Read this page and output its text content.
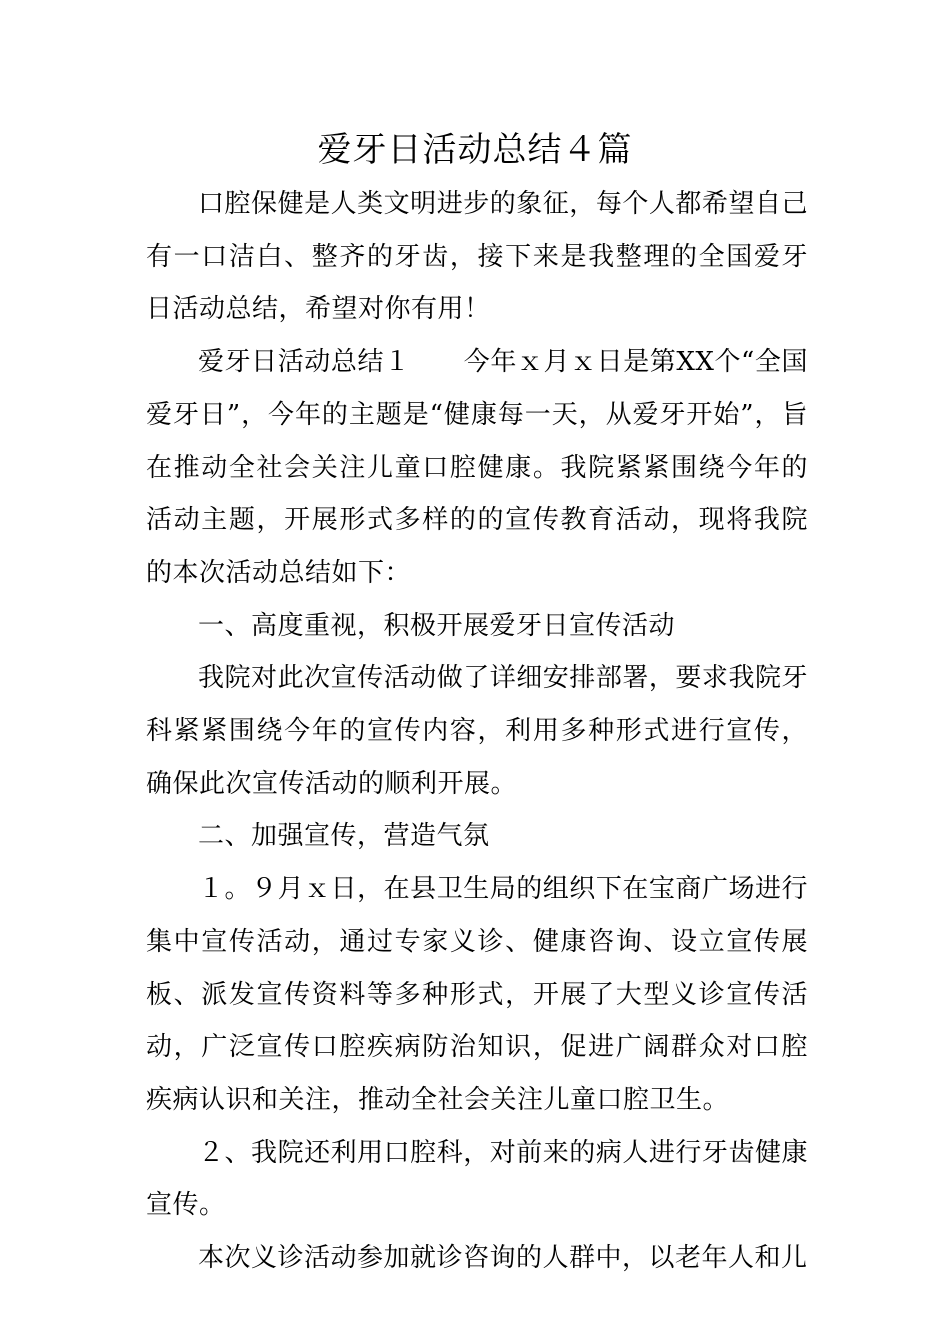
爱牙日活动总结４篇

口腔保健是人类文明进步的象征，每个人都希望自己有一口洁白、整齐的牙齿，接下来是我整理的全国爱牙日活动总结，希望对你有用！

爱牙日活动总结１　　今年ｘ月ｘ日是第XX个“全国爱牙日”，今年的主题是“健康每一天，从爱牙开始”，旨在推动全社会关注儿童口腔健康。我院紧紧围绕今年的活动主题，开展形式多样的的宣传教育活动，现将我院的本次活动总结如下：

一、高度重视，积极开展爱牙日宣传活动

我院对此次宣传活动做了详细安排部署，要求我院牙科紧紧围绕今年的宣传内容，利用多种形式进行宣传，确保此次宣传活动的顺利开展。

二、加强宣传，营造气氛

１。９月ｘ日，在县卫生局的组织下在宝商广场进行集中宣传活动，通过专家义诊、健康咨询、设立宣传展板、派发宣传资料等多种形式，开展了大型义诊宣传活动，广泛宣传口腔疾病防治知识，促进广阔群众对口腔疾病认识和关注，推动全社会关注儿童口腔卫生。

２、我院还利用口腔科，对前来的病人进行牙齿健康宣传。

本次义诊活动参加就诊咨询的人群中，以老年人和儿
